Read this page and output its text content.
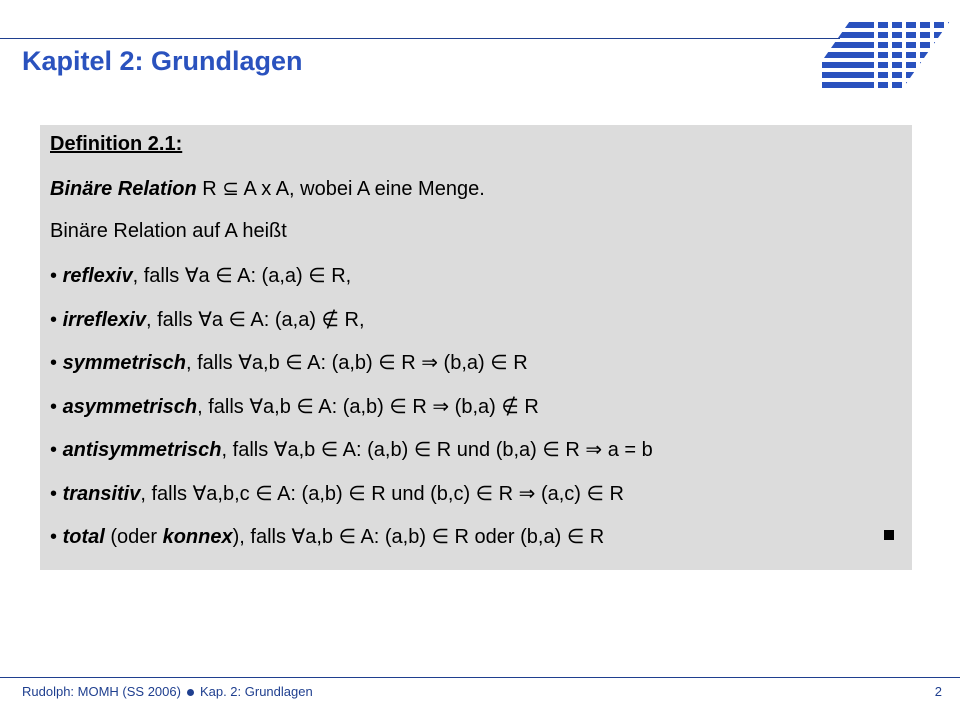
Kapitel 2: Grundlagen
Definition 2.1:
Binäre Relation R ⊆ A x A, wobei A eine Menge.
Binäre Relation auf A heißt
• reflexiv, falls ∀a ∈ A: (a,a) ∈ R,
• irreflexiv, falls ∀a ∈ A: (a,a) ∉ R,
• symmetrisch, falls ∀a,b ∈ A: (a,b) ∈ R ⇒ (b,a) ∈ R
• asymmetrisch, falls ∀a,b ∈ A: (a,b) ∈ R ⇒ (b,a) ∉ R
• antisymmetrisch, falls ∀a,b ∈ A: (a,b) ∈ R und (b,a) ∈ R ⇒ a = b
• transitiv, falls ∀a,b,c ∈ A: (a,b) ∈ R und (b,c) ∈ R ⇒ (a,c) ∈ R
• total (oder konnex), falls ∀a,b ∈ A: (a,b) ∈ R oder (b,a) ∈ R
Rudolph: MOMH (SS 2006) Kap. 2: Grundlagen	2
